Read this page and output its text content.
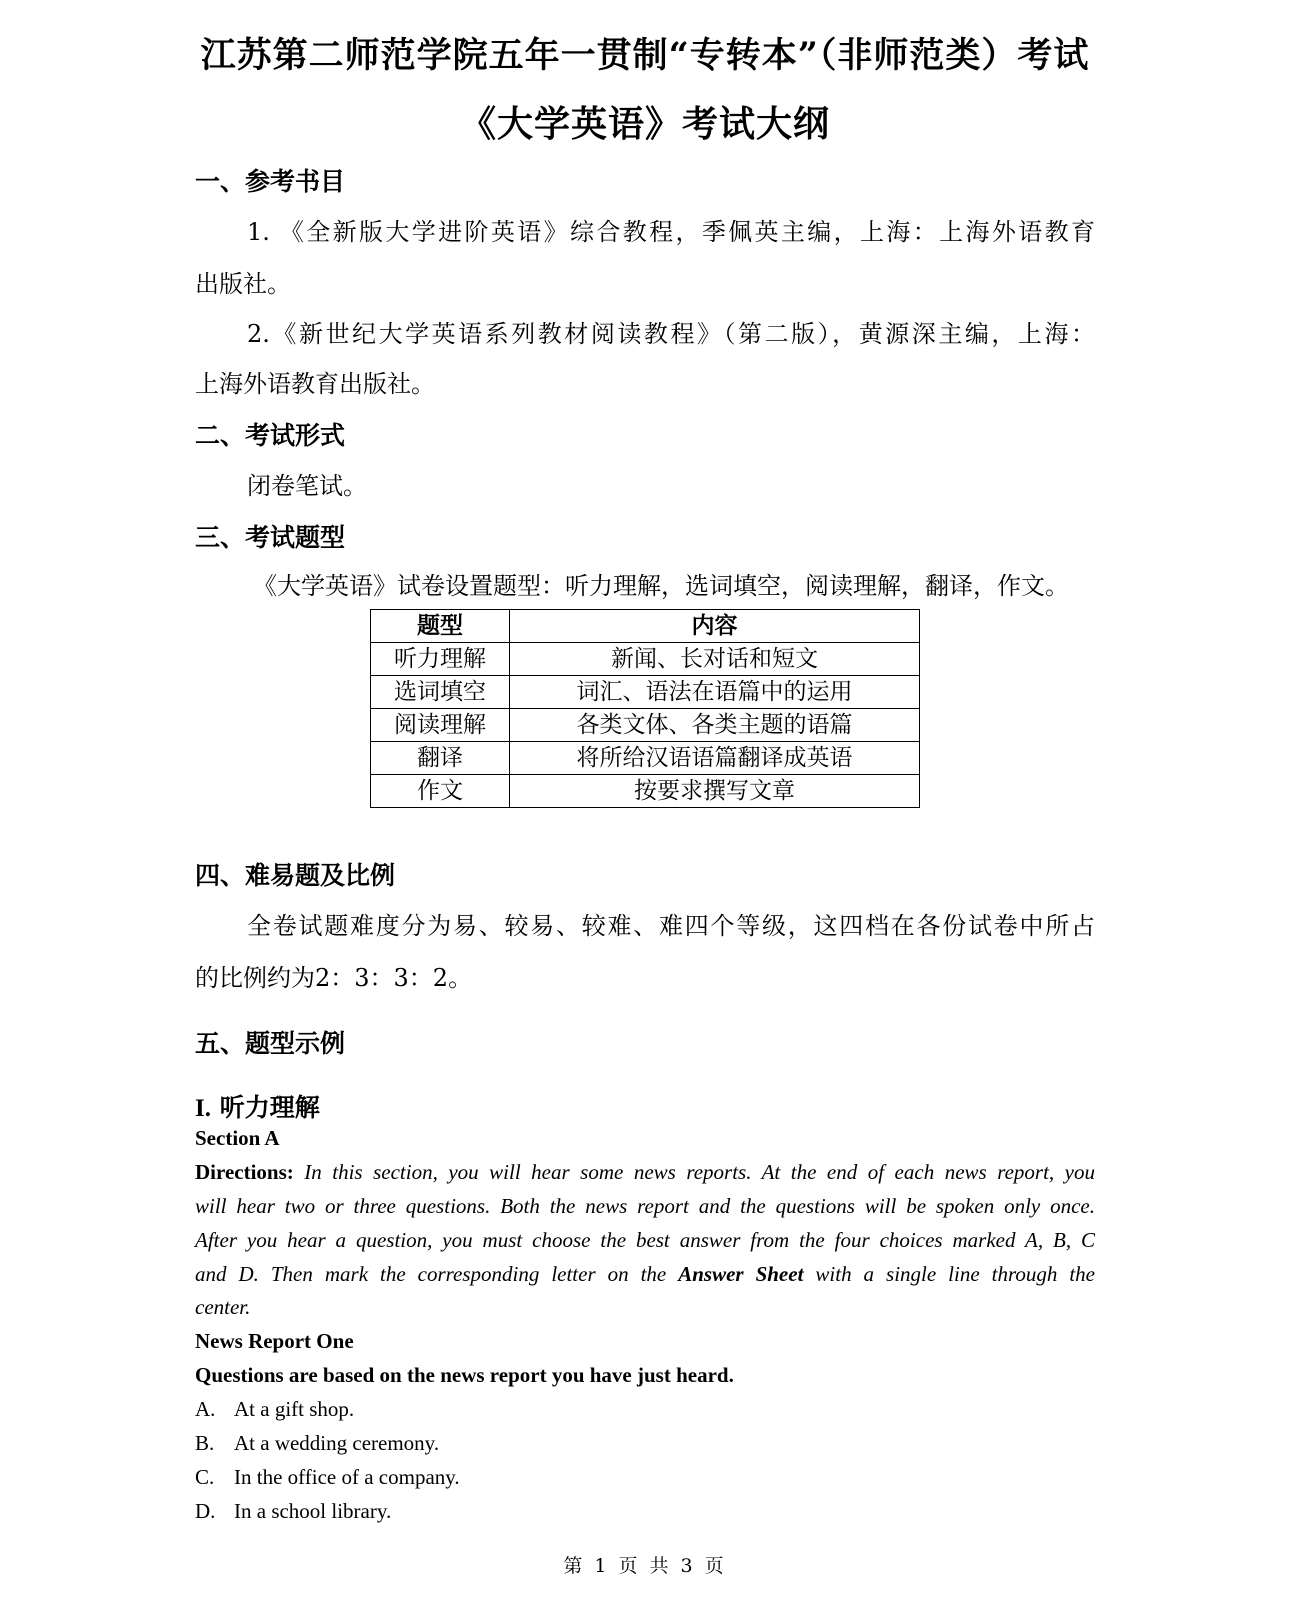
江苏第二师范学院五年一贯制“专转本”（非师范类）考试
《大学英语》考试大纲
一、参考书目
1. 《全新版大学进阶英语》综合教程，季佩英主编，上海：上海外语教育
出版社。
2.《新世纪大学英语系列教材阅读教程》（第二版），黄源深主编，上海：
上海外语教育出版社。
二、考试形式
闭卷笔试。
三、考试题型
《大学英语》试卷设置题型：听力理解，选词填空，阅读理解，翻译，作文。
题型	内容
听力理解	新闻、长对话和短文
选词填空	词汇、语法在语篇中的运用
阅读理解	各类文体、各类主题的语篇
翻译	将所给汉语语篇翻译成英语
作文	按要求撰写文章
四、难易题及比例
全卷试题难度分为易、较易、较难、难四个等级，这四档在各份试卷中所占
的比例约为2：3：3：2。
五、题型示例
I. 听力理解
Section A
Directions: In this section, you will hear some news reports. At the end of each news report, you
will hear two or three questions. Both the news report and the questions will be spoken only once.
After you hear a question, you must choose the best answer from the four choices marked A, B, C
and D. Then mark the corresponding letter on the Answer Sheet with a single line through the
center.
News Report One
Questions are based on the news report you have just heard.
A. At a gift shop.
B. At a wedding ceremony.
C. In the office of a company.
D. In a school library.
第 1 页 共 3 页
